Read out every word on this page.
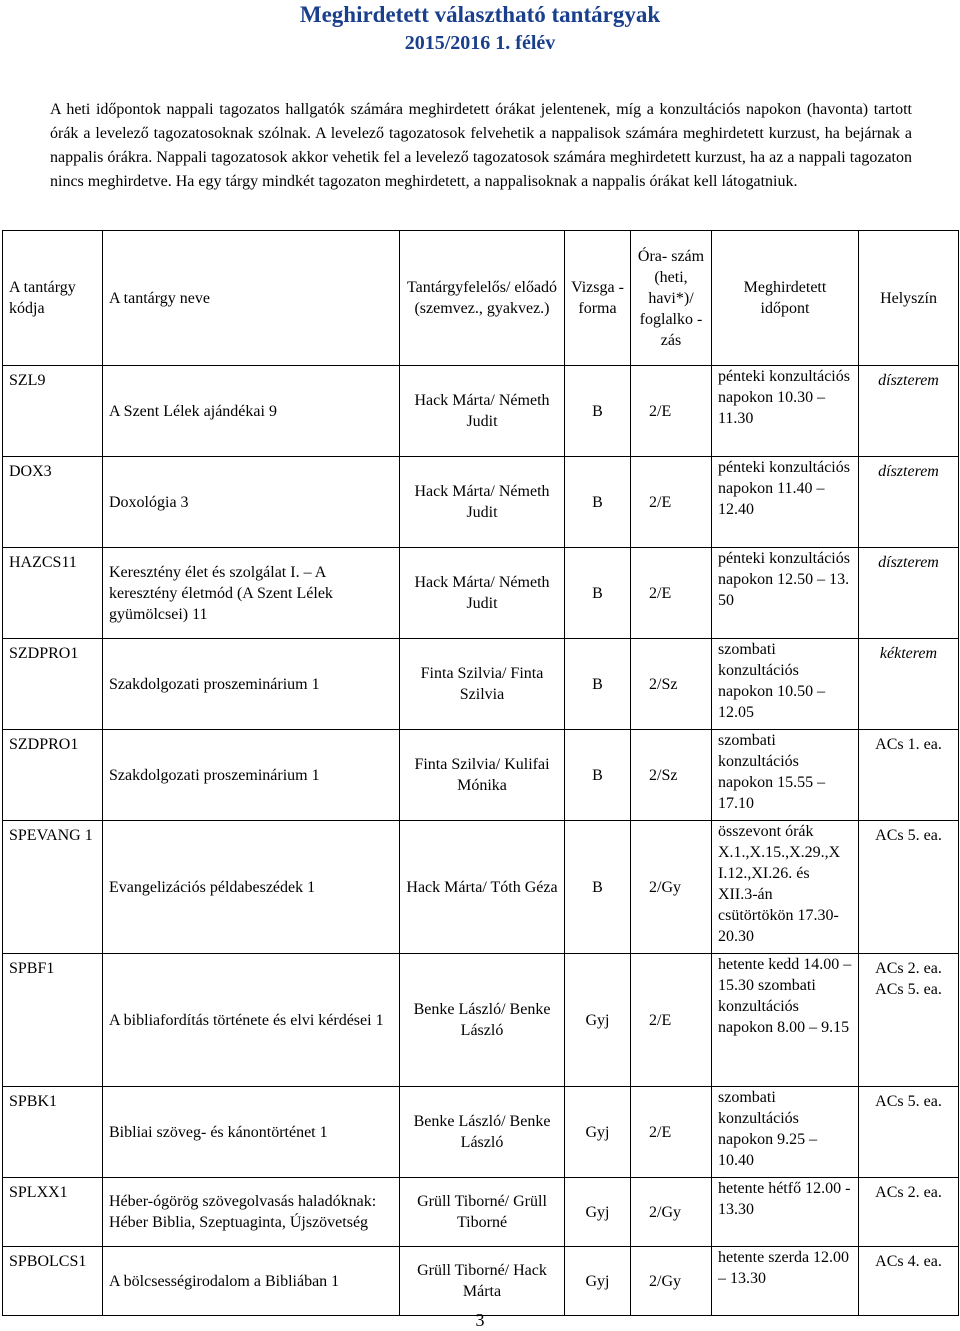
Meghirdetett választható tantárgyak
2015/2016 1. félév
A heti időpontok nappali tagozatos hallgatók számára meghirdetett órákat jelentenek, míg a konzultációs napokon (havonta) tartott órák a levelező tagozatosoknak szólnak. A levelező tagozatosok felvehetik a nappalisok számára meghirdetett kurzust, ha bejárnak a nappalis órákra. Nappali tagozatosok akkor vehetik fel a levelező tagozatosok számára meghirdetett kurzust, ha az a nappali tagozaton nincs meghirdetve. Ha egy tárgy mindkét tagozaton meghirdetett, a nappalisoknak a nappalis órákat kell látogatniuk.
A tantárgy kódja	A tantárgy neve	Tantárgyfelelős/ előadó (szemvez., gyakvez.)	Vizsga - forma	Óra- szám (heti, havi*)/ foglalko -zás	Meghirdetett időpont	Helyszín
SZL9	A Szent Lélek ajándékai 9	Hack Márta/ Németh Judit	B	2/E	pénteki konzultációs napokon 10.30 – 11.30	díszterem
DOX3	Doxológia 3	Hack Márta/ Németh Judit	B	2/E	pénteki konzultációs napokon 11.40 – 12.40	díszterem
HAZCS11	Keresztény élet és szolgálat I. – A keresztény életmód (A Szent Lélek gyümölcsei) 11	Hack Márta/ Németh Judit	B	2/E	pénteki konzultációs napokon 12.50 – 13. 50	díszterem
SZDPRO1	Szakdolgozati proszeminárium 1	Finta Szilvia/ Finta Szilvia	B	2/Sz	szombati konzultációs napokon 10.50 – 12.05	kékterem
SZDPRO1	Szakdolgozati proszeminárium 1	Finta Szilvia/ Kulifai Mónika	B	2/Sz	szombati konzultációs napokon 15.55 – 17.10	ACs 1. ea.
SPEVANG 1	Evangelizációs példabeszédek 1	Hack Márta/ Tóth Géza	B	2/Gy	összevont órák X.1.,X.15.,X.29.,X I.12.,XI.26. és XII.3-án csütörtökön 17.30- 20.30	ACs 5. ea.
SPBF1	A bibliafordítás története és elvi kérdései 1	Benke László/ Benke László	Gyj	2/E	hetente kedd 14.00 – 15.30 szombati konzultációs napokon 8.00 – 9.15	ACs 2. ea. ACs 5. ea.
SPBK1	Bibliai szöveg- és kánontörténet 1	Benke László/ Benke László	Gyj	2/E	szombati konzultációs napokon 9.25 – 10.40	ACs 5. ea.
SPLXX1	Héber-ógörög szövegolvasás haladóknak: Héber Biblia, Szeptuaginta, Újszövetség	Grüll Tiborné/ Grüll Tiborné	Gyj	2/Gy	hetente hétfő 12.00 - 13.30	ACs 2. ea.
SPBOLCS1	A bölcsességirodalom a Bibliában 1	Grüll Tiborné/ Hack Márta	Gyj	2/Gy	hetente szerda 12.00 – 13.30	ACs 4. ea.
3
